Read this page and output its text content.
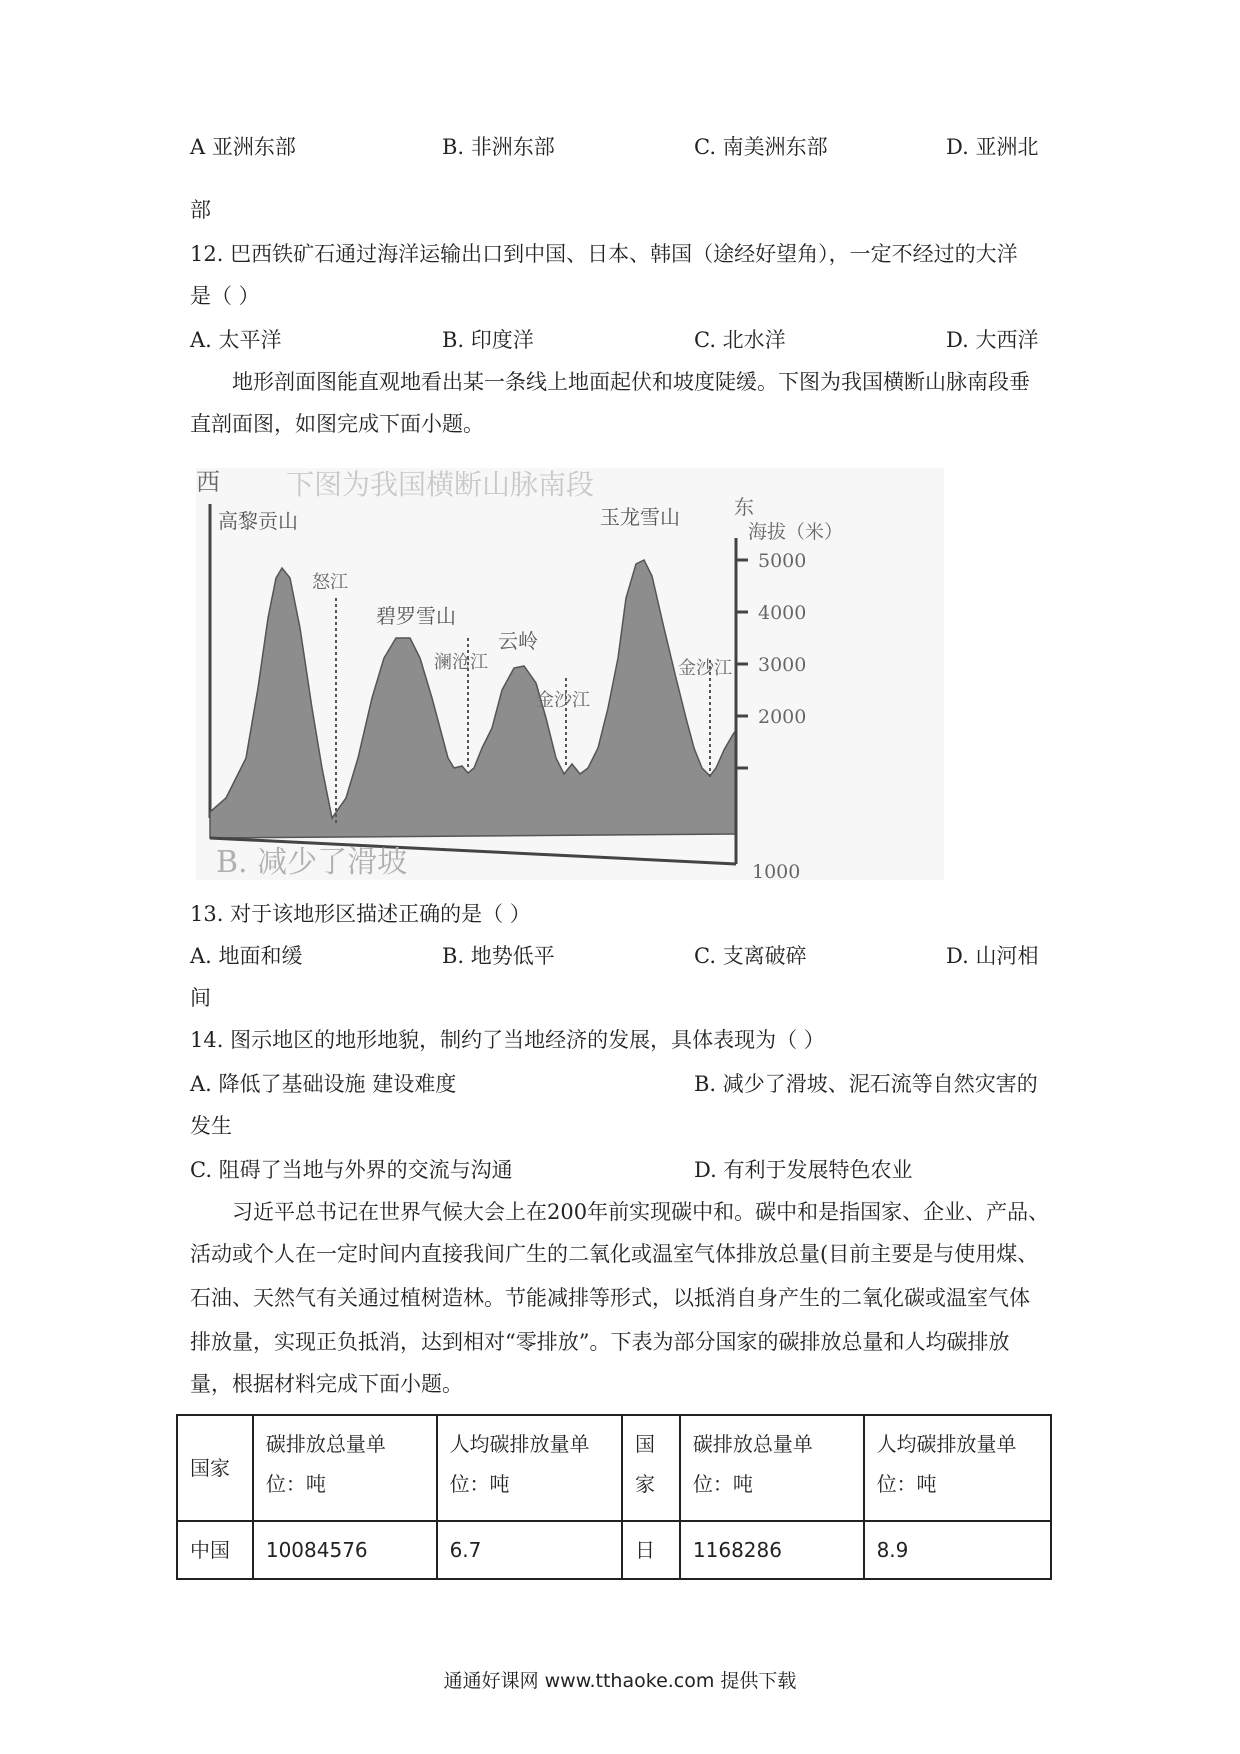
A 亚洲东部	B. 非洲东部	C. 南美洲东部	D. 亚洲北
部
12. 巴西铁矿石通过海洋运输出口到中国、日本、韩国（途经好望角），一定不经过的大洋
是（ ）
A. 太平洋	B. 印度洋	C. 北水洋	D. 大西洋
地形剖面图能直观地看出某一条线上地面起伏和坡度陡缓。下图为我国横断山脉南段垂
直剖面图，如图完成下面小题。
下图为我国横断山脉南段
西
东
高黎贡山
碧罗雪山
云岭
玉龙雪山
怒江
澜沧江
金沙江
金沙江
海拔（米）
5000
4000
3000
2000
1000
B. 减少了滑坡
13. 对于该地形区描述正确的是（ ）
A. 地面和缓	B. 地势低平	C. 支离破碎	D. 山河相
间
14. 图示地区的地形地貌，制约了当地经济的发展，具体表现为（ ）
A. 降低了基础设施 建设难度	B. 减少了滑坡、泥石流等自然灾害的
发生
C. 阻碍了当地与外界的交流与沟通	D. 有利于发展特色农业
习近平总书记在世界气候大会上在200年前实现碳中和。碳中和是指国家、企业、产品、
活动或个人在一定时间内直接我间广生的二氧化或温室气体排放总量(目前主要是与使用煤、
石油、天然气有关通过植树造林。节能减排等形式，以抵消自身产生的二氧化碳或温室气体
排放量，实现正负抵消，达到相对“零排放”。下表为部分国家的碳排放总量和人均碳排放
量，根据材料完成下面小题。
国家	碳排放总量单位：吨	人均碳排放量单位：吨	国家	碳排放总量单位：吨	人均碳排放量单位：吨
中国	10084576	6.7	日	1168286	8.9
通通好课网 www.tthaoke.com 提供下载
